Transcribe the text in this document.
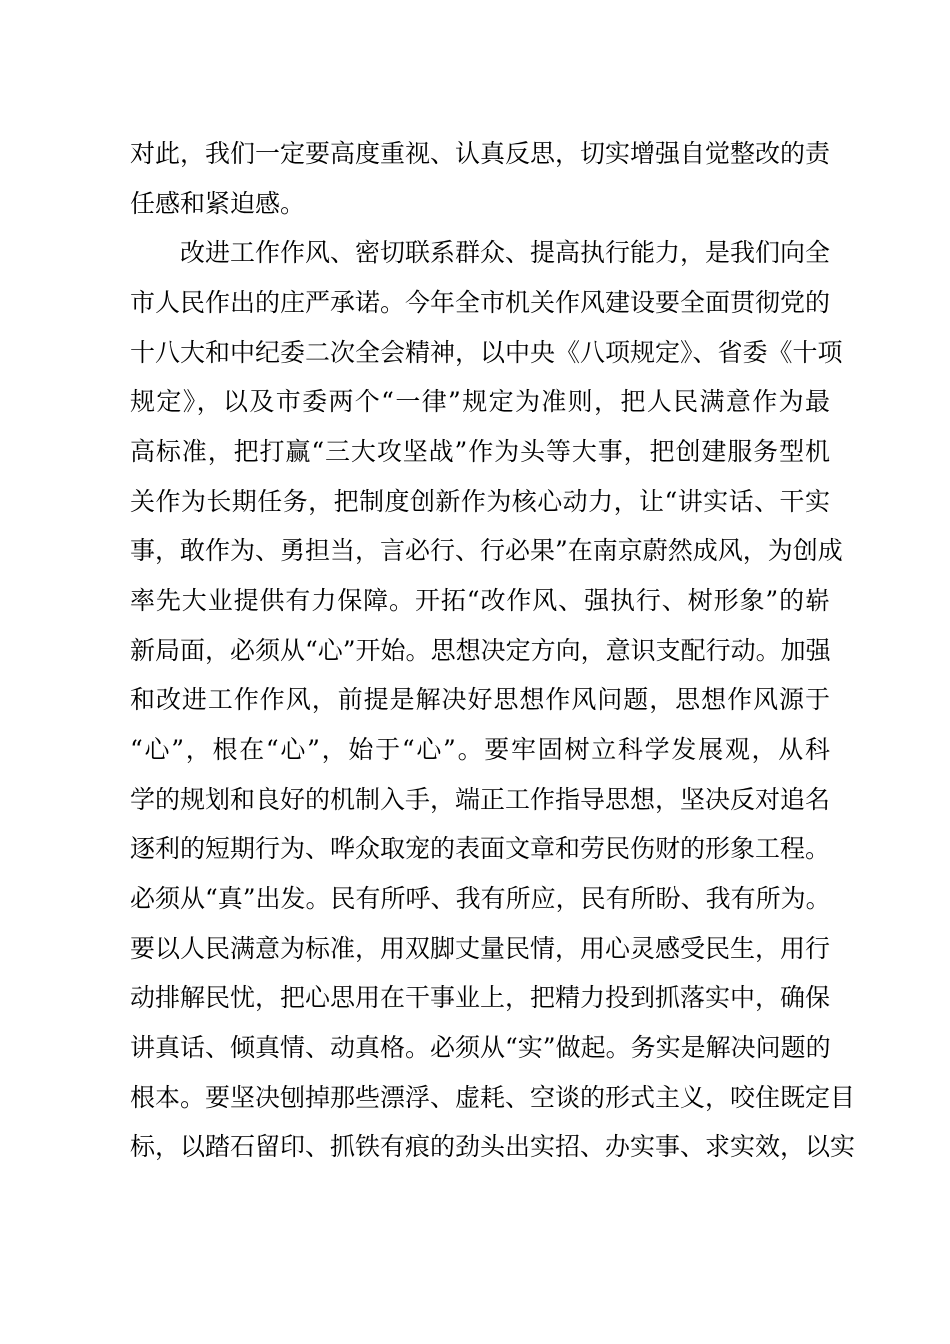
对此，我们一定要高度重视、认真反思，切实增强自觉整改的责
任感和紧迫感。
改进工作作风、密切联系群众、提高执行能力，是我们向全
市人民作出的庄严承诺。今年全市机关作风建设要全面贯彻党的
十八大和中纪委二次全会精神，以中央《八项规定》、省委《十项
规定》，以及市委两个“一律”规定为准则，把人民满意作为最
高标准，把打赢“三大攻坚战”作为头等大事，把创建服务型机
关作为长期任务，把制度创新作为核心动力，让“讲实话、干实
事，敢作为、勇担当，言必行、行必果”在南京蔚然成风，为创成
率先大业提供有力保障。开拓“改作风、强执行、树形象”的崭
新局面，必须从“心”开始。思想决定方向，意识支配行动。加强
和改进工作作风，前提是解决好思想作风问题，思想作风源于
“心”，根在“心”，始于“心”。要牢固树立科学发展观，从科
学的规划和良好的机制入手，端正工作指导思想，坚决反对追名
逐利的短期行为、哗众取宠的表面文章和劳民伤财的形象工程。
必须从“真”出发。民有所呼、我有所应，民有所盼、我有所为。
要以人民满意为标准，用双脚丈量民情，用心灵感受民生，用行
动排解民忧，把心思用在干事业上，把精力投到抓落实中，确保
讲真话、倾真情、动真格。必须从“实”做起。务实是解决问题的
根本。要坚决刨掉那些漂浮、虚耗、空谈的形式主义，咬住既定目
标，以踏石留印、抓铁有痕的劲头出实招、办实事、求实效，以实
